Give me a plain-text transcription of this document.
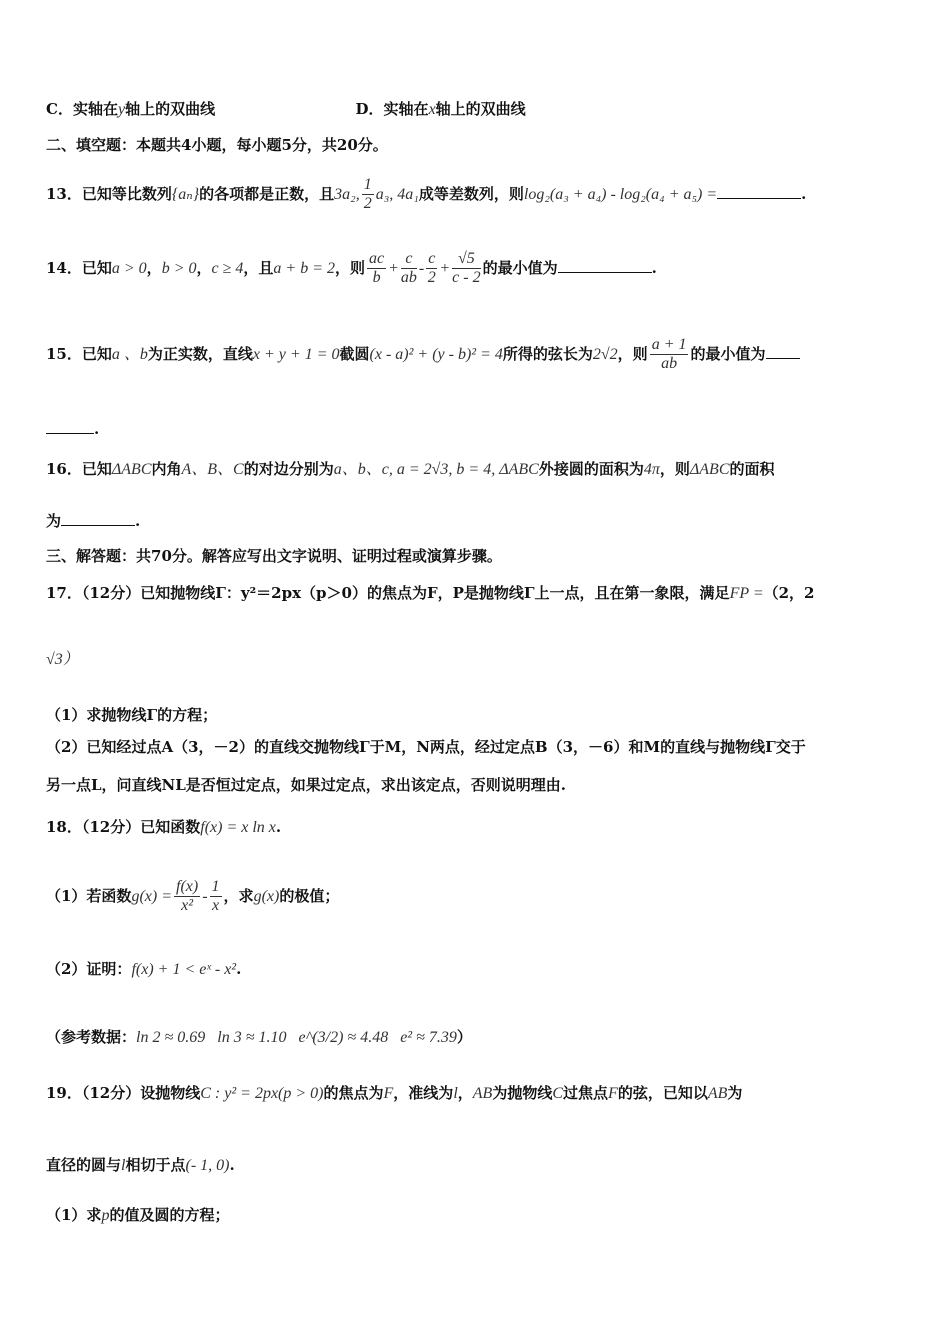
C．实轴在y轴上的双曲线	D．实轴在x轴上的双曲线
二、填空题：本题共4小题，每小题5分，共20分。
13．已知等比数列{aₙ}的各项都是正数，且3a₂, $\frac{1}{2} a_3$, 4a₁成等差数列，则log₂(a₃ + a₄) - log₂(a₄ + a₅) =	.
14．已知a > 0，b > 0，c ≥ 4，且a + b = 2，则 $\frac{ac}{b} + \frac{c}{ab} - \frac{c}{2} + \frac{√5}{c - 2}$ 的最小值为	.
15．已知a 、b为正实数，直线x + y + 1 = 0截圆(x - a)² + (y - b)² = 4所得的弦长为2√2，则 $\frac{a + 1}{ab}$ 的最小值为
.
16．已知ΔABC内角A、B、C的对边分别为a、b、c, a = 2√3, b = 4, ΔABC外接圆的面积为4π，则ΔABC的面积
为	.
三、解答题：共70分。解答应写出文字说明、证明过程或演算步骤。
17．（12分）已知抛物线Γ：y²＝2px（p＞0）的焦点为F，P是抛物线Γ上一点，且在第一象限，满足FP =（2，2
√3）
（1）求抛物线Γ的方程；
（2）已知经过点A（3，－2）的直线交抛物线Γ于M，N两点，经过定点B（3，－6）和M的直线与抛物线Γ交于
另一点L，问直线NL是否恒过定点，如果过定点，求出该定点，否则说明理由.
18．（12分）已知函数f(x) = x ln x.
（1）若函数$g(x) = \frac{f(x)}{\text{x²}} - \frac{1}{x}$ ，求g(x)的极值；
（2）证明：f(x) + 1 < eˣ - x².
（参考数据：ln 2 ≈ 0.69   ln 3 ≈ 1.10   e^(3/2) ≈ 4.48   e² ≈ 7.39）
19．（12分）设抛物线C : y² = 2px(p > 0)的焦点为F，准线为l，AB为抛物线C过焦点F的弦，已知以AB为
直径的圆与l相切于点(- 1, 0).
（1）求p的值及圆的方程；
